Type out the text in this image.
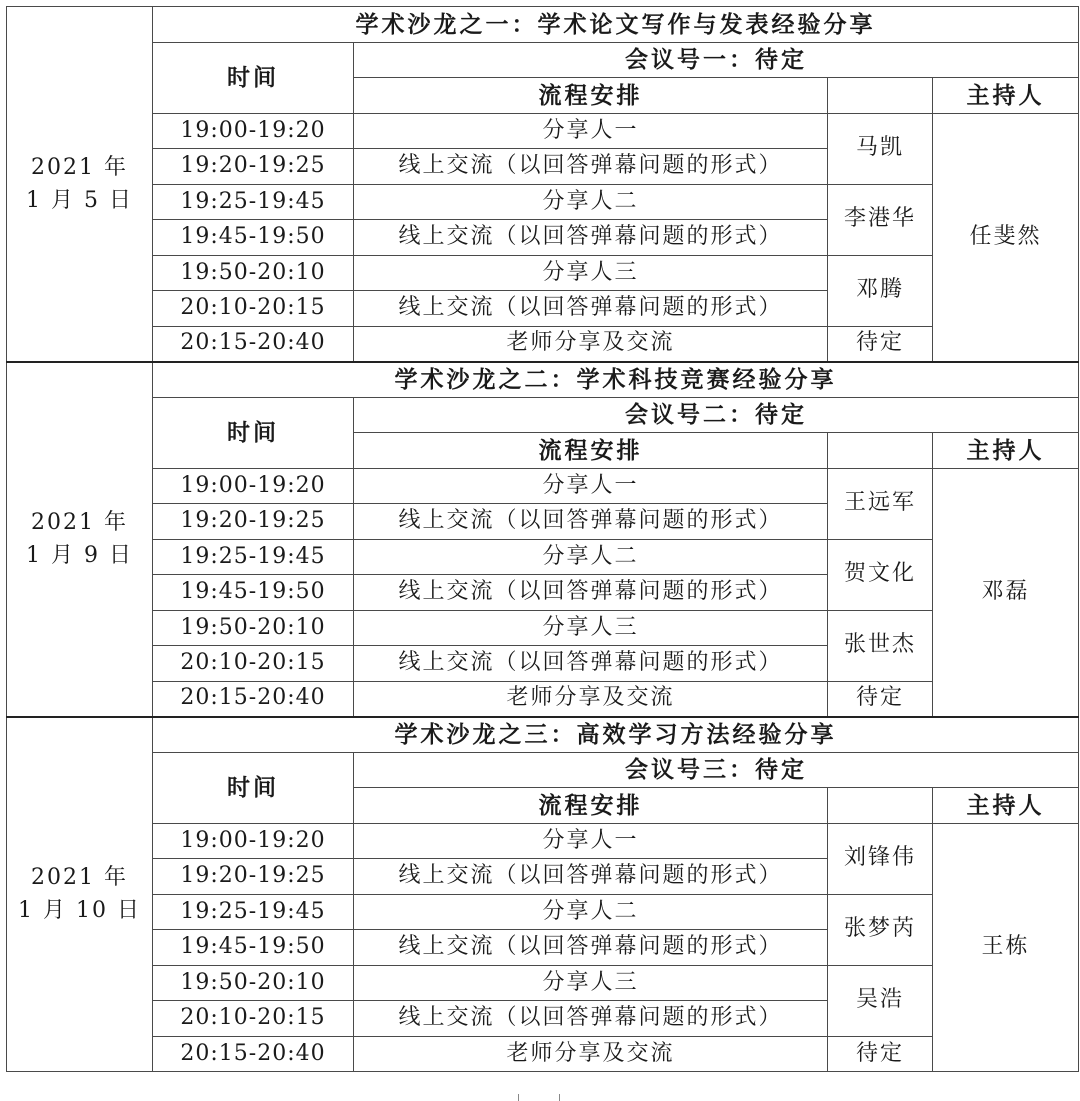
2021 年
1 月 5 日	学术沙龙之一：学术论文写作与发表经验分享			
	时间	会议号一：待定		
		流程安排		主持人
	19:00-19:20	分享人一	马凯	任斐然
	19:20-19:25	线上交流（以回答弹幕问题的形式）		
	19:25-19:45	分享人二	李港华	
	19:45-19:50	线上交流（以回答弹幕问题的形式）		
	19:50-20:10	分享人三	邓腾	
	20:10-20:15	线上交流（以回答弹幕问题的形式）		
	20:15-20:40	老师分享及交流	待定	

2021 年
1 月 9 日	学术沙龙之二：学术科技竞赛经验分享			
	时间	会议号二：待定		
		流程安排		主持人
	19:00-19:20	分享人一	王远军	邓磊
	19:20-19:25	线上交流（以回答弹幕问题的形式）		
	19:25-19:45	分享人二	贺文化	
	19:45-19:50	线上交流（以回答弹幕问题的形式）		
	19:50-20:10	分享人三	张世杰	
	20:10-20:15	线上交流（以回答弹幕问题的形式）		
	20:15-20:40	老师分享及交流	待定	

2021 年
1 月 10 日	学术沙龙之三：高效学习方法经验分享			
	时间	会议号三：待定		
		流程安排		主持人
	19:00-19:20	分享人一	刘锋伟	王栋
	19:20-19:25	线上交流（以回答弹幕问题的形式）		
	19:25-19:45	分享人二	张梦芮	
	19:45-19:50	线上交流（以回答弹幕问题的形式）		
	19:50-20:10	分享人三	吴浩	
	20:10-20:15	线上交流（以回答弹幕问题的形式）		
	20:15-20:40	老师分享及交流	待定	
